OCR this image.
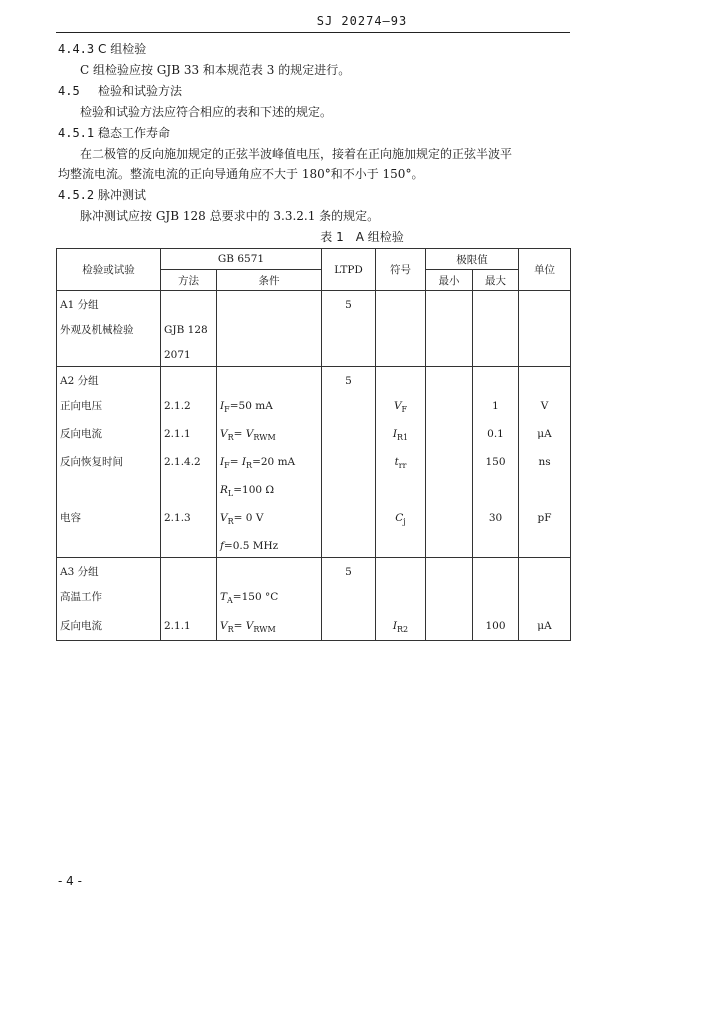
SJ 20274—93
4.4.3 C 组检验
C 组检验应按 GJB 33 和本规范表 3 的规定进行。
4.5 检验和试验方法
检验和试验方法应符合相应的表和下述的规定。
4.5.1 稳态工作寿命
在二极管的反向施加规定的正弦半波峰值电压，接着在正向施加规定的正弦半波平
均整流电流。整流电流的正向导通角应不大于 180°和不小于 150°。
4.5.2 脉冲测试
脉冲测试应按 GJB 128 总要求中的 3.3.2.1 条的规定。
表 1　A 组检验
检验或试验	GB 6571		LTPD	符号	极限值		单位
	方法	条件			最小	最大	
A1 分组			5				
外观及机械检验	GJB 128						
	2071						
A2 分组			5				
正向电压	2.1.2	$I_F=50$ mA		$V_F$		1	V
反向电流	2.1.1	$V_R= V_{RWM}$		$I_{R1}$		0.1	μA
反向恢复时间	2.1.4.2	$I_F= I_R=20$ mA		$t_{rr}$		150	ns
		$R_L=100$ Ω					
电容	2.1.3	$V_R= 0$ V		$C_j$		30	pF
		f=0.5 MHz					
A3 分组			5				
高温工作		$T_A=150$ °C					
反向电流	2.1.1	$V_R= V_{RWM}$		$I_{R2}$		100	μA
- 4 -
